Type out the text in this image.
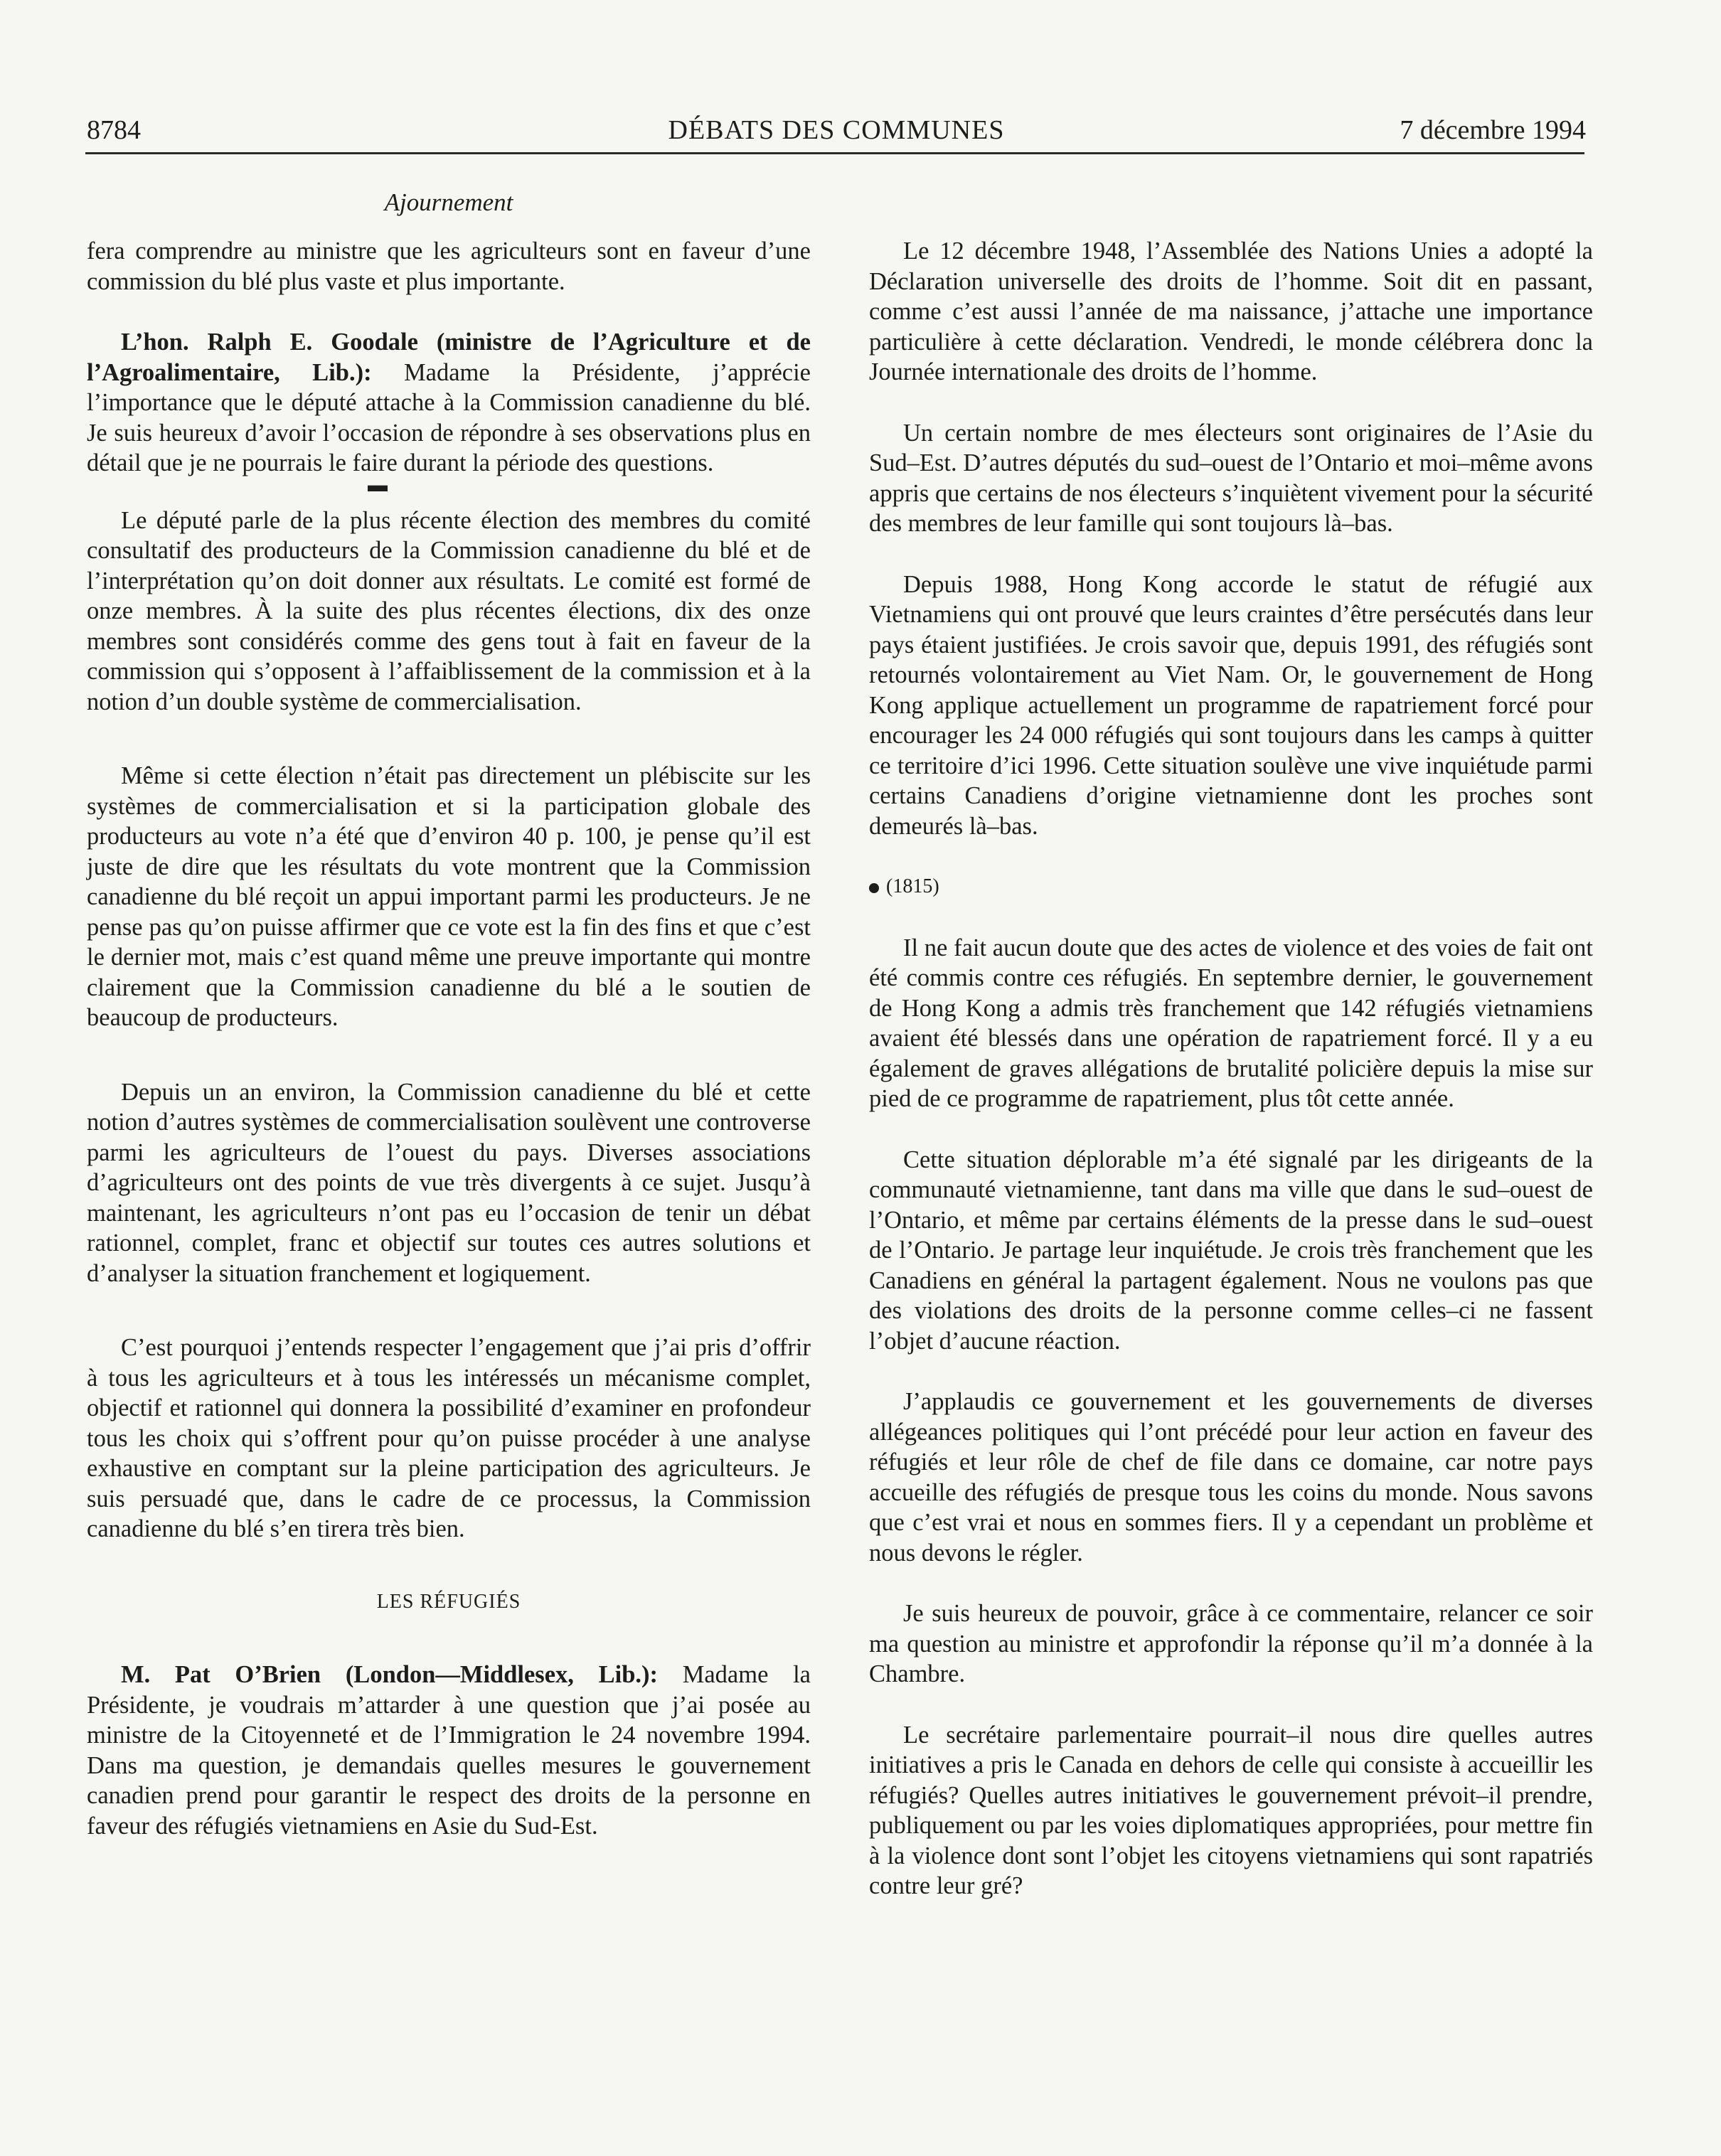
8784	DÉBATS DES COMMUNES	7 décembre 1994
Ajournement

fera comprendre au ministre que les agriculteurs sont en faveur d’une commission du blé plus vaste et plus importante.

L’hon. Ralph E. Goodale (ministre de l’Agriculture et de l’Agroalimentaire, Lib.): Madame la Présidente, j’apprécie l’importance que le député attache à la Commission canadienne du blé. Je suis heureux d’avoir l’occasion de répondre à ses observations plus en détail que je ne pourrais le faire durant la période des questions.

▬

Le député parle de la plus récente élection des membres du comité consultatif des producteurs de la Commission canadienne du blé et de l’interprétation qu’on doit donner aux résultats. Le comité est formé de onze membres. À la suite des plus récentes élections, dix des onze membres sont considérés comme des gens tout à fait en faveur de la commission qui s’opposent à l’affaiblissement de la commission et à la notion d’un double système de commercialisation.

Même si cette élection n’était pas directement un plébiscite sur les systèmes de commercialisation et si la participation globale des producteurs au vote n’a été que d’environ 40 p. 100, je pense qu’il est juste de dire que les résultats du vote montrent que la Commission canadienne du blé reçoit un appui important parmi les producteurs. Je ne pense pas qu’on puisse affirmer que ce vote est la fin des fins et que c’est le dernier mot, mais c’est quand même une preuve importante qui montre clairement que la Commission canadienne du blé a le soutien de beaucoup de producteurs.

Depuis un an environ, la Commission canadienne du blé et cette notion d’autres systèmes de commercialisation soulèvent une controverse parmi les agriculteurs de l’ouest du pays. Diverses associations d’agriculteurs ont des points de vue très divergents à ce sujet. Jusqu’à maintenant, les agriculteurs n’ont pas eu l’occasion de tenir un débat rationnel, complet, franc et objectif sur toutes ces autres solutions et d’analyser la situation franchement et logiquement.

C’est pourquoi j’entends respecter l’engagement que j’ai pris d’offrir à tous les agriculteurs et à tous les intéressés un mécanisme complet, objectif et rationnel qui donnera la possibilité d’examiner en profondeur tous les choix qui s’offrent pour qu’on puisse procéder à une analyse exhaustive en comptant sur la pleine participation des agriculteurs. Je suis persuadé que, dans le cadre de ce processus, la Commission canadienne du blé s’en tirera très bien.

LES RÉFUGIÉS

M. Pat O’Brien (London—Middlesex, Lib.): Madame la Présidente, je voudrais m’attarder à une question que j’ai posée au ministre de la Citoyenneté et de l’Immigration le 24 novembre 1994. Dans ma question, je demandais quelles mesures le gouvernement canadien prend pour garantir le respect des droits de la personne en faveur des réfugiés vietnamiens en Asie du Sud-Est.

Le 12 décembre 1948, l’Assemblée des Nations Unies a adopté la Déclaration universelle des droits de l’homme. Soit dit en passant, comme c’est aussi l’année de ma naissance, j’attache une importance particulière à cette déclaration. Vendredi, le monde célébrera donc la Journée internationale des droits de l’homme.

Un certain nombre de mes électeurs sont originaires de l’Asie du Sud–Est. D’autres députés du sud–ouest de l’Ontario et moi–même avons appris que certains de nos électeurs s’inquiètent vivement pour la sécurité des membres de leur famille qui sont toujours là–bas.

Depuis 1988, Hong Kong accorde le statut de réfugié aux Vietnamiens qui ont prouvé que leurs craintes d’être persécutés dans leur pays étaient justifiées. Je crois savoir que, depuis 1991, des réfugiés sont retournés volontairement au Viet Nam. Or, le gouvernement de Hong Kong applique actuellement un programme de rapatriement forcé pour encourager les 24 000 réfugiés qui sont toujours dans les camps à quitter ce territoire d’ici 1996. Cette situation soulève une vive inquiétude parmi certains Canadiens d’origine vietnamienne dont les proches sont demeurés là–bas.

(1815)

Il ne fait aucun doute que des actes de violence et des voies de fait ont été commis contre ces réfugiés. En septembre dernier, le gouvernement de Hong Kong a admis très franchement que 142 réfugiés vietnamiens avaient été blessés dans une opération de rapatriement forcé. Il y a eu également de graves allégations de brutalité policière depuis la mise sur pied de ce programme de rapatriement, plus tôt cette année.

Cette situation déplorable m’a été signalé par les dirigeants de la communauté vietnamienne, tant dans ma ville que dans le sud–ouest de l’Ontario, et même par certains éléments de la presse dans le sud–ouest de l’Ontario. Je partage leur inquiétude. Je crois très franchement que les Canadiens en général la partagent également. Nous ne voulons pas que des violations des droits de la personne comme celles–ci ne fassent l’objet d’aucune réaction.

J’applaudis ce gouvernement et les gouvernements de diverses allégeances politiques qui l’ont précédé pour leur action en faveur des réfugiés et leur rôle de chef de file dans ce domaine, car notre pays accueille des réfugiés de presque tous les coins du monde. Nous savons que c’est vrai et nous en sommes fiers. Il y a cependant un problème et nous devons le régler.

Je suis heureux de pouvoir, grâce à ce commentaire, relancer ce soir ma question au ministre et approfondir la réponse qu’il m’a donnée à la Chambre.

Le secrétaire parlementaire pourrait–il nous dire quelles autres initiatives a pris le Canada en dehors de celle qui consiste à accueillir les réfugiés? Quelles autres initiatives le gouvernement prévoit–il prendre, publiquement ou par les voies diplomatiques appropriées, pour mettre fin à la violence dont sont l’objet les citoyens vietnamiens qui sont rapatriés contre leur gré?
